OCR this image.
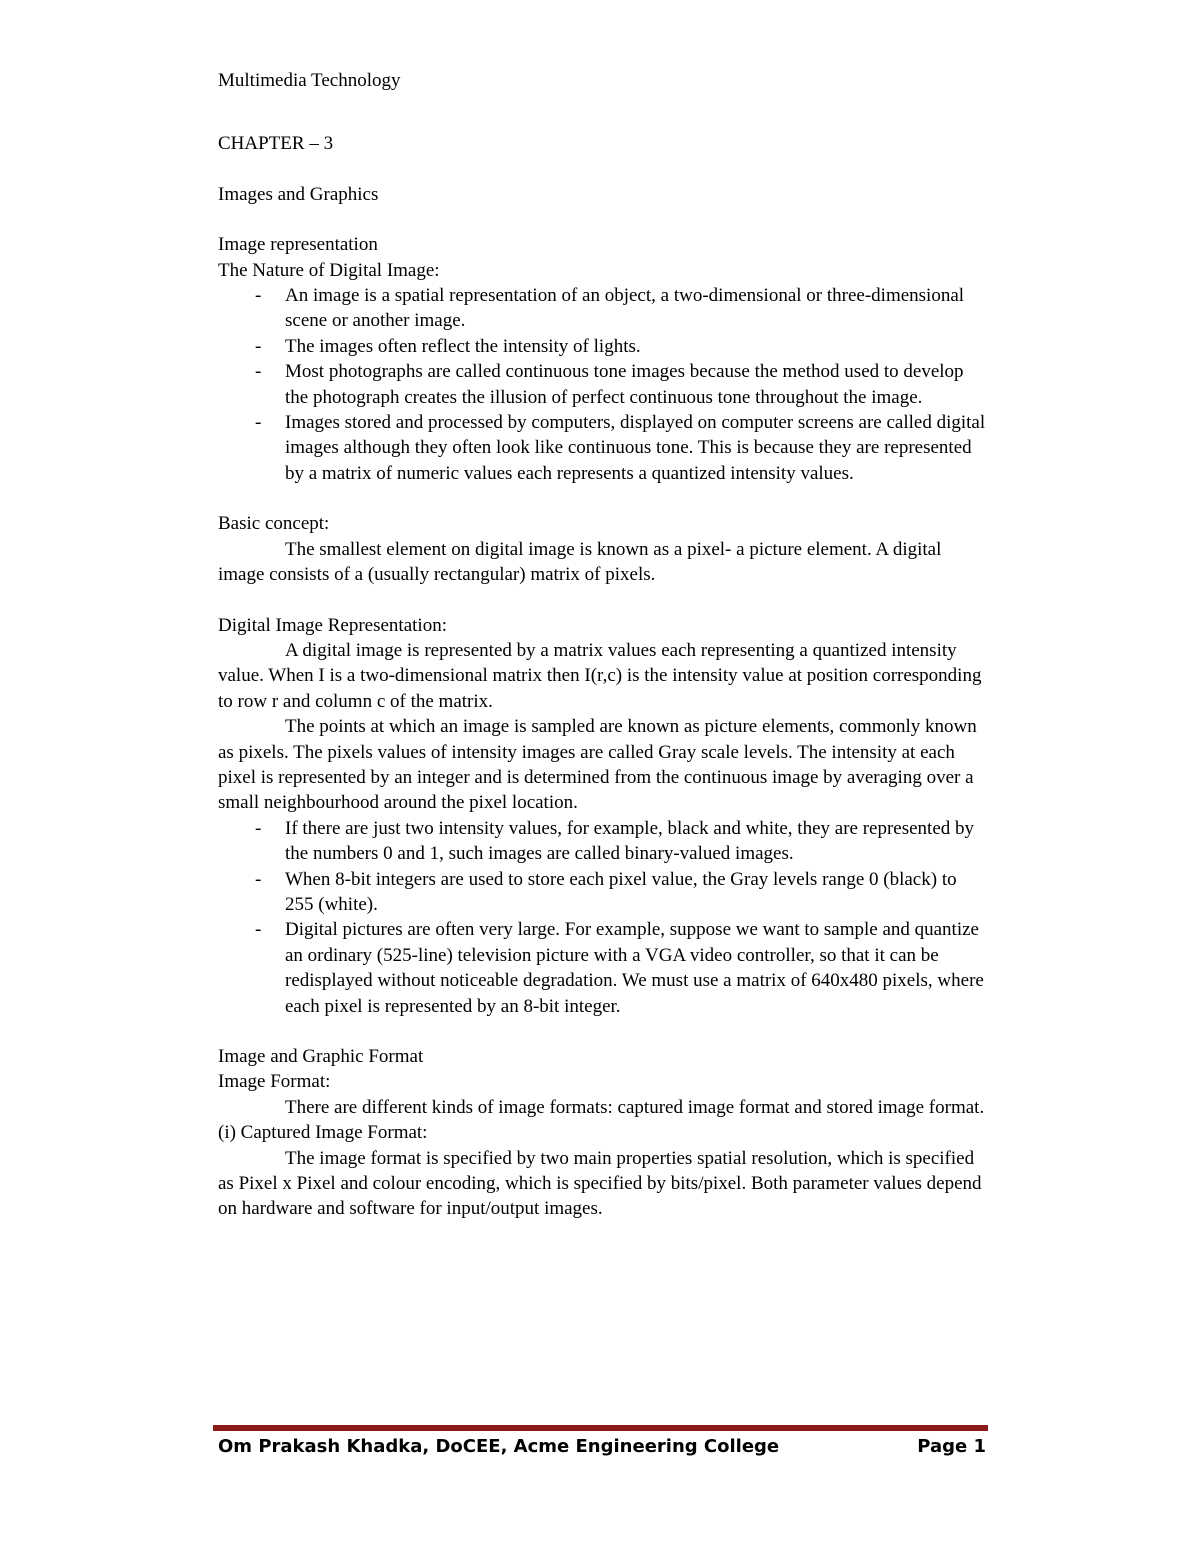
Multimedia Technology

CHAPTER – 3

Images and Graphics

Image representation

The Nature of Digital Image:

- An image is a spatial representation of an object, a two-dimensional or three-dimensional scene or another image.
- The images often reflect the intensity of lights.
- Most photographs are called continuous tone images because the method used to develop the photograph creates the illusion of perfect continuous tone throughout the image.
- Images stored and processed by computers, displayed on computer screens are called digital images although they often look like continuous tone. This is because they are represented by a matrix of numeric values each represents a quantized intensity values.

Basic concept:

The smallest element on digital image is known as a pixel- a picture element. A digital image consists of a (usually rectangular) matrix of pixels.

Digital Image Representation:

A digital image is represented by a matrix values each representing a quantized intensity value. When I is a two-dimensional matrix then I(r,c) is the intensity value at position corresponding to row r and column c of the matrix.

The points at which an image is sampled are known as picture elements, commonly known as pixels. The pixels values of intensity images are called Gray scale levels. The intensity at each pixel is represented by an integer and is determined from the continuous image by averaging over a small neighbourhood around the pixel location.

- If there are just two intensity values, for example, black and white, they are represented by the numbers 0 and 1, such images are called binary-valued images.
- When 8-bit integers are used to store each pixel value, the Gray levels range 0 (black) to 255 (white).
- Digital pictures are often very large. For example, suppose we want to sample and quantize an ordinary (525-line) television picture with a VGA video controller, so that it can be redisplayed without noticeable degradation. We must use a matrix of 640x480 pixels, where each pixel is represented by an 8-bit integer.

Image and Graphic Format

Image Format:

There are different kinds of image formats: captured image format and stored image format.

(i) Captured Image Format:

The image format is specified by two main properties spatial resolution, which is specified as Pixel x Pixel and colour encoding, which is specified by bits/pixel. Both parameter values depend on hardware and software for input/output images.

Om Prakash Khadka, DoCEE, Acme Engineering College	Page 1
